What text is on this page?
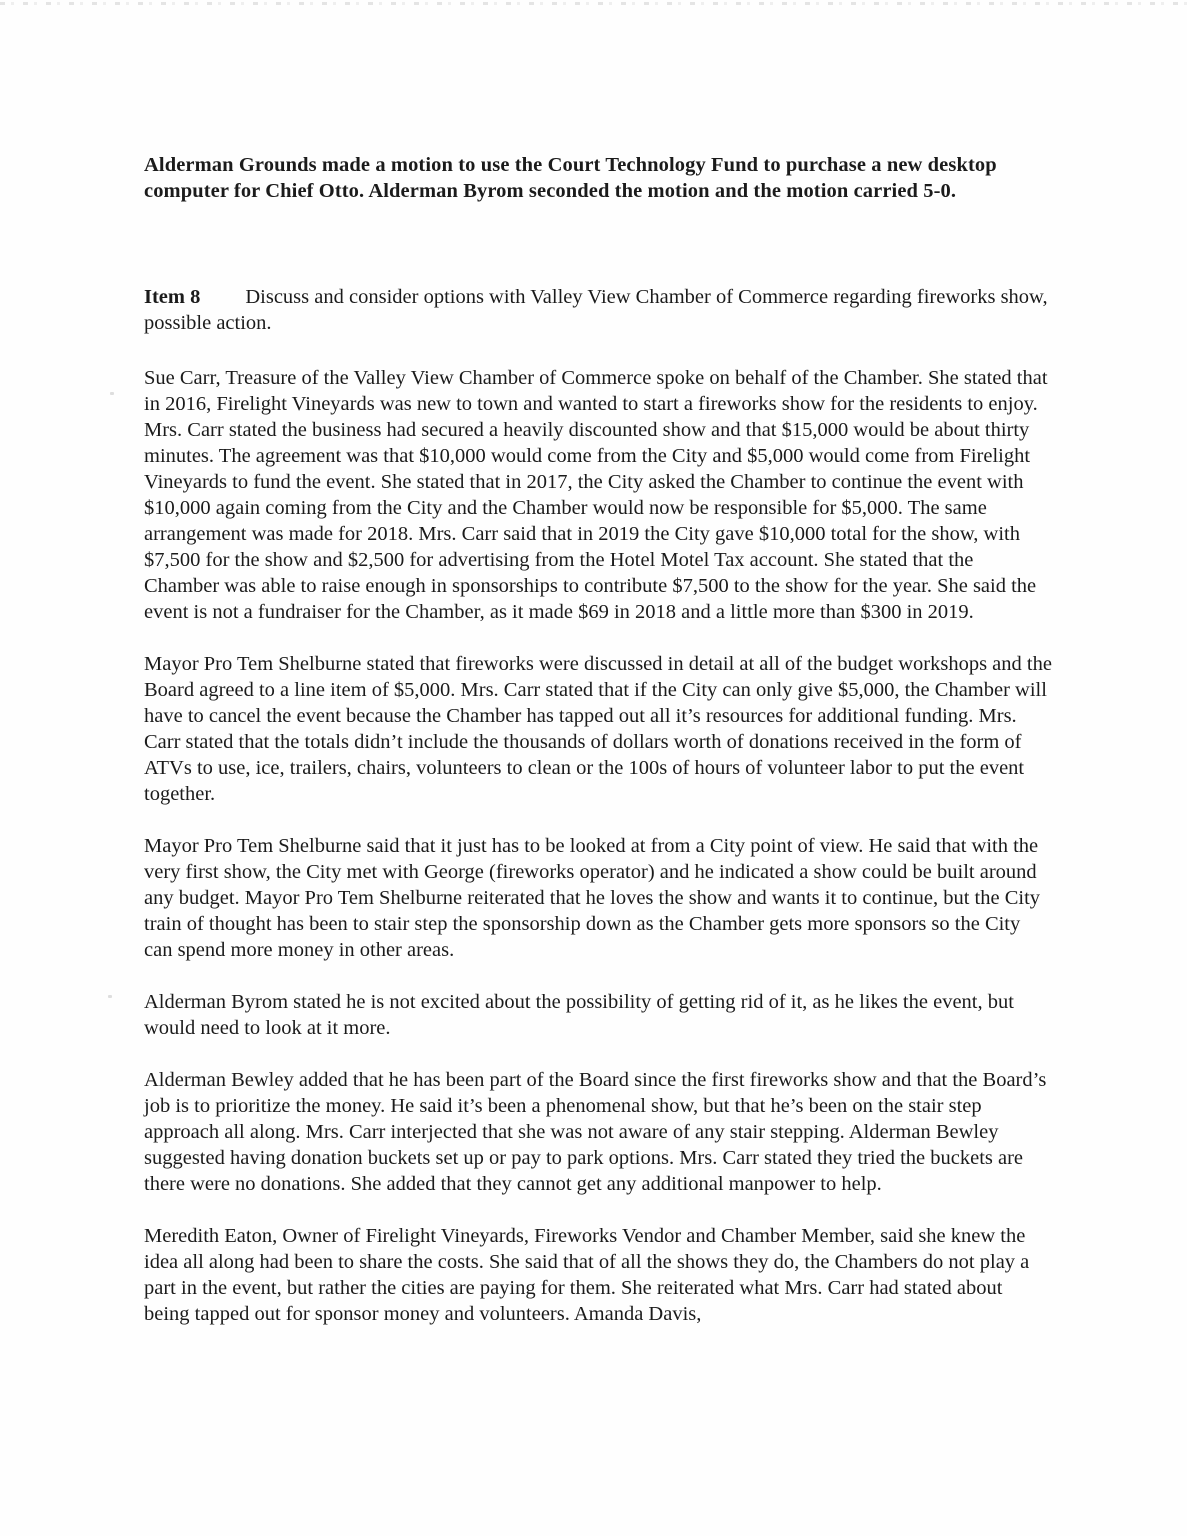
Alderman Grounds made a motion to use the Court Technology Fund to purchase a new desktop computer for Chief Otto. Alderman Byrom seconded the motion and the motion carried 5-0.

Item 8 Discuss and consider options with Valley View Chamber of Commerce regarding fireworks show, possible action.

Sue Carr, Treasure of the Valley View Chamber of Commerce spoke on behalf of the Chamber. She stated that in 2016, Firelight Vineyards was new to town and wanted to start a fireworks show for the residents to enjoy. Mrs. Carr stated the business had secured a heavily discounted show and that $15,000 would be about thirty minutes. The agreement was that $10,000 would come from the City and $5,000 would come from Firelight Vineyards to fund the event. She stated that in 2017, the City asked the Chamber to continue the event with $10,000 again coming from the City and the Chamber would now be responsible for $5,000. The same arrangement was made for 2018. Mrs. Carr said that in 2019 the City gave $10,000 total for the show, with $7,500 for the show and $2,500 for advertising from the Hotel Motel Tax account. She stated that the Chamber was able to raise enough in sponsorships to contribute $7,500 to the show for the year. She said the event is not a fundraiser for the Chamber, as it made $69 in 2018 and a little more than $300 in 2019.

Mayor Pro Tem Shelburne stated that fireworks were discussed in detail at all of the budget workshops and the Board agreed to a line item of $5,000. Mrs. Carr stated that if the City can only give $5,000, the Chamber will have to cancel the event because the Chamber has tapped out all it’s resources for additional funding. Mrs. Carr stated that the totals didn’t include the thousands of dollars worth of donations received in the form of ATVs to use, ice, trailers, chairs, volunteers to clean or the 100s of hours of volunteer labor to put the event together.

Mayor Pro Tem Shelburne said that it just has to be looked at from a City point of view. He said that with the very first show, the City met with George (fireworks operator) and he indicated a show could be built around any budget. Mayor Pro Tem Shelburne reiterated that he loves the show and wants it to continue, but the City train of thought has been to stair step the sponsorship down as the Chamber gets more sponsors so the City can spend more money in other areas.

Alderman Byrom stated he is not excited about the possibility of getting rid of it, as he likes the event, but would need to look at it more.

Alderman Bewley added that he has been part of the Board since the first fireworks show and that the Board’s job is to prioritize the money. He said it’s been a phenomenal show, but that he’s been on the stair step approach all along. Mrs. Carr interjected that she was not aware of any stair stepping. Alderman Bewley suggested having donation buckets set up or pay to park options. Mrs. Carr stated they tried the buckets are there were no donations. She added that they cannot get any additional manpower to help.

Meredith Eaton, Owner of Firelight Vineyards, Fireworks Vendor and Chamber Member, said she knew the idea all along had been to share the costs. She said that of all the shows they do, the Chambers do not play a part in the event, but rather the cities are paying for them. She reiterated what Mrs. Carr had stated about being tapped out for sponsor money and volunteers. Amanda Davis,
